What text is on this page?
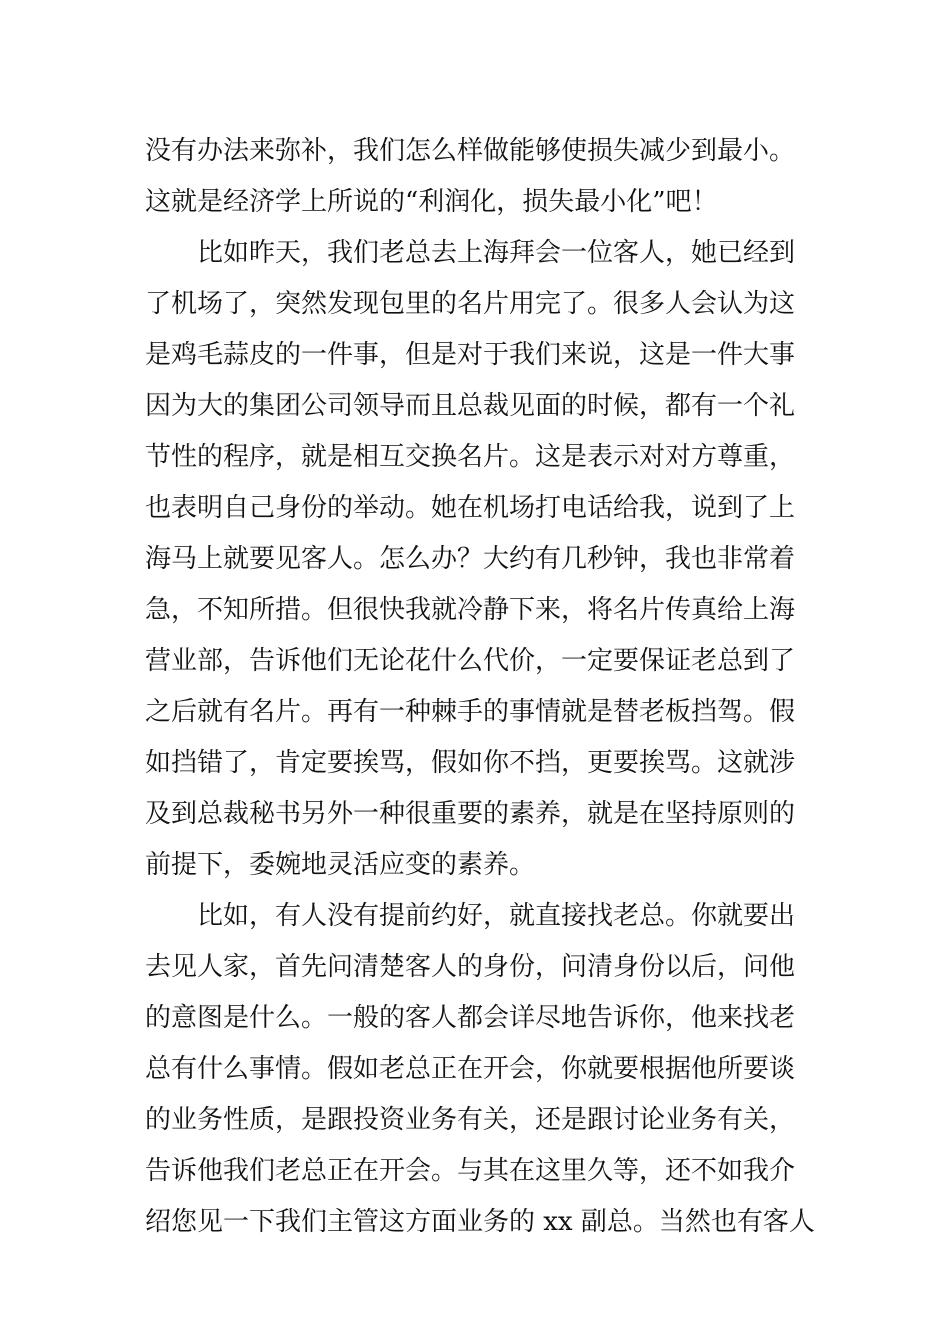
没有办法来弥补，我们怎么样做能够使损失减少到最小。
这就是经济学上所说的“利润化，损失最小化”吧！
比如昨天，我们老总去上海拜会一位客人，她已经到
了机场了，突然发现包里的名片用完了。很多人会认为这
是鸡毛蒜皮的一件事，但是对于我们来说，这是一件大事
因为大的集团公司领导而且总裁见面的时候，都有一个礼
节性的程序，就是相互交换名片。这是表示对对方尊重，
也表明自己身份的举动。她在机场打电话给我，说到了上
海马上就要见客人。怎么办？大约有几秒钟，我也非常着
急，不知所措。但很快我就冷静下来，将名片传真给上海
营业部，告诉他们无论花什么代价，一定要保证老总到了
之后就有名片。再有一种棘手的事情就是替老板挡驾。假
如挡错了，肯定要挨骂，假如你不挡，更要挨骂。这就涉
及到总裁秘书另外一种很重要的素养，就是在坚持原则的
前提下，委婉地灵活应变的素养。
比如，有人没有提前约好，就直接找老总。你就要出
去见人家，首先问清楚客人的身份，问清身份以后，问他
的意图是什么。一般的客人都会详尽地告诉你，他来找老
总有什么事情。假如老总正在开会，你就要根据他所要谈
的业务性质，是跟投资业务有关，还是跟讨论业务有关，
告诉他我们老总正在开会。与其在这里久等，还不如我介
绍您见一下我们主管这方面业务的 xx 副总。当然也有客人
